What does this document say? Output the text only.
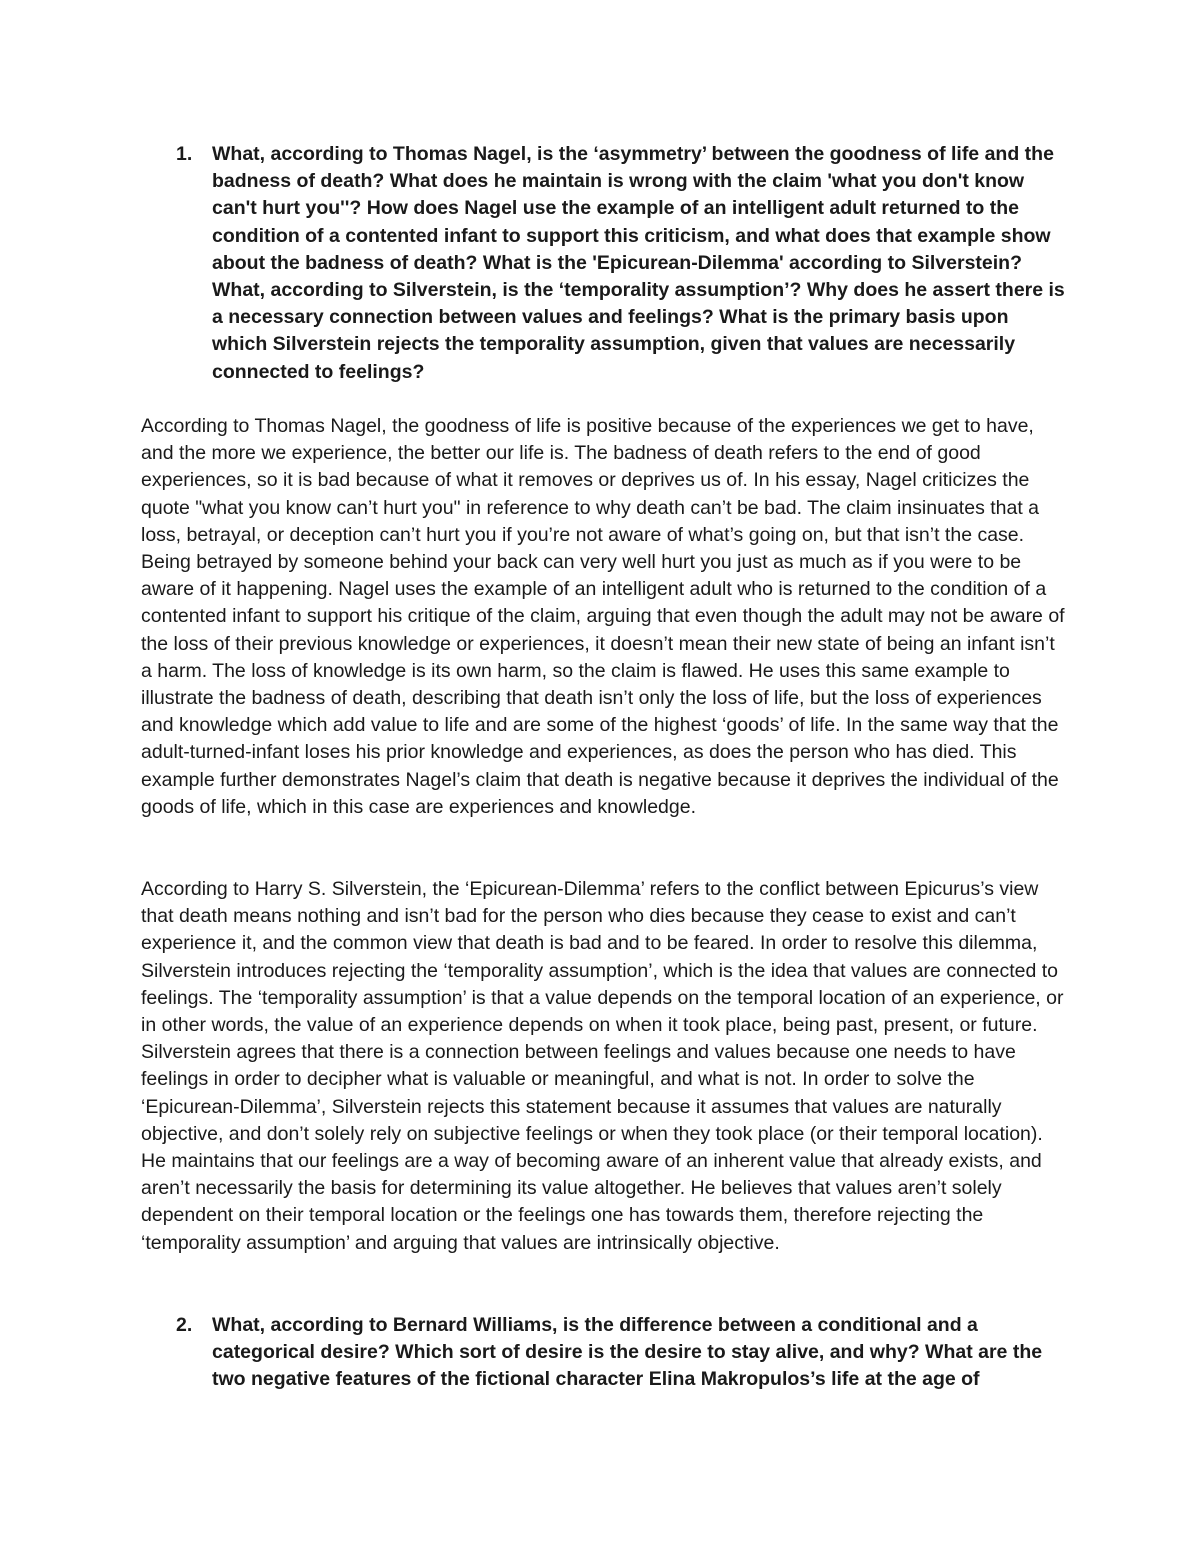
1.	What, according to Thomas Nagel, is the ‘asymmetry’ between the goodness of life and the badness of death? What does he maintain is wrong with the claim 'what you don't know can't hurt you''? How does Nagel use the example of an intelligent adult returned to the condition of a contented infant to support this criticism, and what does that example show about the badness of death? What is the 'Epicurean-Dilemma' according to Silverstein? What, according to Silverstein, is the ‘temporality assumption’? Why does he assert there is a necessary connection between values and feelings? What is the primary basis upon which Silverstein rejects the temporality assumption, given that values are necessarily connected to feelings?

According to Thomas Nagel, the goodness of life is positive because of the experiences we get to have, and the more we experience, the better our life is. The badness of death refers to the end of good experiences, so it is bad because of what it removes or deprives us of. In his essay, Nagel criticizes the quote "what you know can’t hurt you" in reference to why death can’t be bad. The claim insinuates that a loss, betrayal, or deception can’t hurt you if you’re not aware of what’s going on, but that isn’t the case. Being betrayed by someone behind your back can very well hurt you just as much as if you were to be aware of it happening. Nagel uses the example of an intelligent adult who is returned to the condition of a contented infant to support his critique of the claim, arguing that even though the adult may not be aware of the loss of their previous knowledge or experiences, it doesn’t mean their new state of being an infant isn’t a harm. The loss of knowledge is its own harm, so the claim is flawed. He uses this same example to illustrate the badness of death, describing that death isn’t only the loss of life, but the loss of experiences and knowledge which add value to life and are some of the highest ‘goods’ of life. In the same way that the adult-turned-infant loses his prior knowledge and experiences, as does the person who has died. This example further demonstrates Nagel’s claim that death is negative because it deprives the individual of the goods of life, which in this case are experiences and knowledge.

According to Harry S. Silverstein, the ‘Epicurean-Dilemma’ refers to the conflict between Epicurus’s view that death means nothing and isn’t bad for the person who dies because they cease to exist and can’t experience it, and the common view that death is bad and to be feared. In order to resolve this dilemma, Silverstein introduces rejecting the ‘temporality assumption’, which is the idea that values are connected to feelings. The ‘temporality assumption’ is that a value depends on the temporal location of an experience, or in other words, the value of an experience depends on when it took place, being past, present, or future. Silverstein agrees that there is a connection between feelings and values because one needs to have feelings in order to decipher what is valuable or meaningful, and what is not. In order to solve the ‘Epicurean-Dilemma’, Silverstein rejects this statement because it assumes that values are naturally objective, and don’t solely rely on subjective feelings or when they took place (or their temporal location). He maintains that our feelings are a way of becoming aware of an inherent value that already exists, and aren’t necessarily the basis for determining its value altogether. He believes that values aren’t solely dependent on their temporal location or the feelings one has towards them, therefore rejecting the ‘temporality assumption’ and arguing that values are intrinsically objective.

2.	What, according to Bernard Williams, is the difference between a conditional and a categorical desire? Which sort of desire is the desire to stay alive, and why? What are the two negative features of the fictional character Elina Makropulos’s life at the age of
